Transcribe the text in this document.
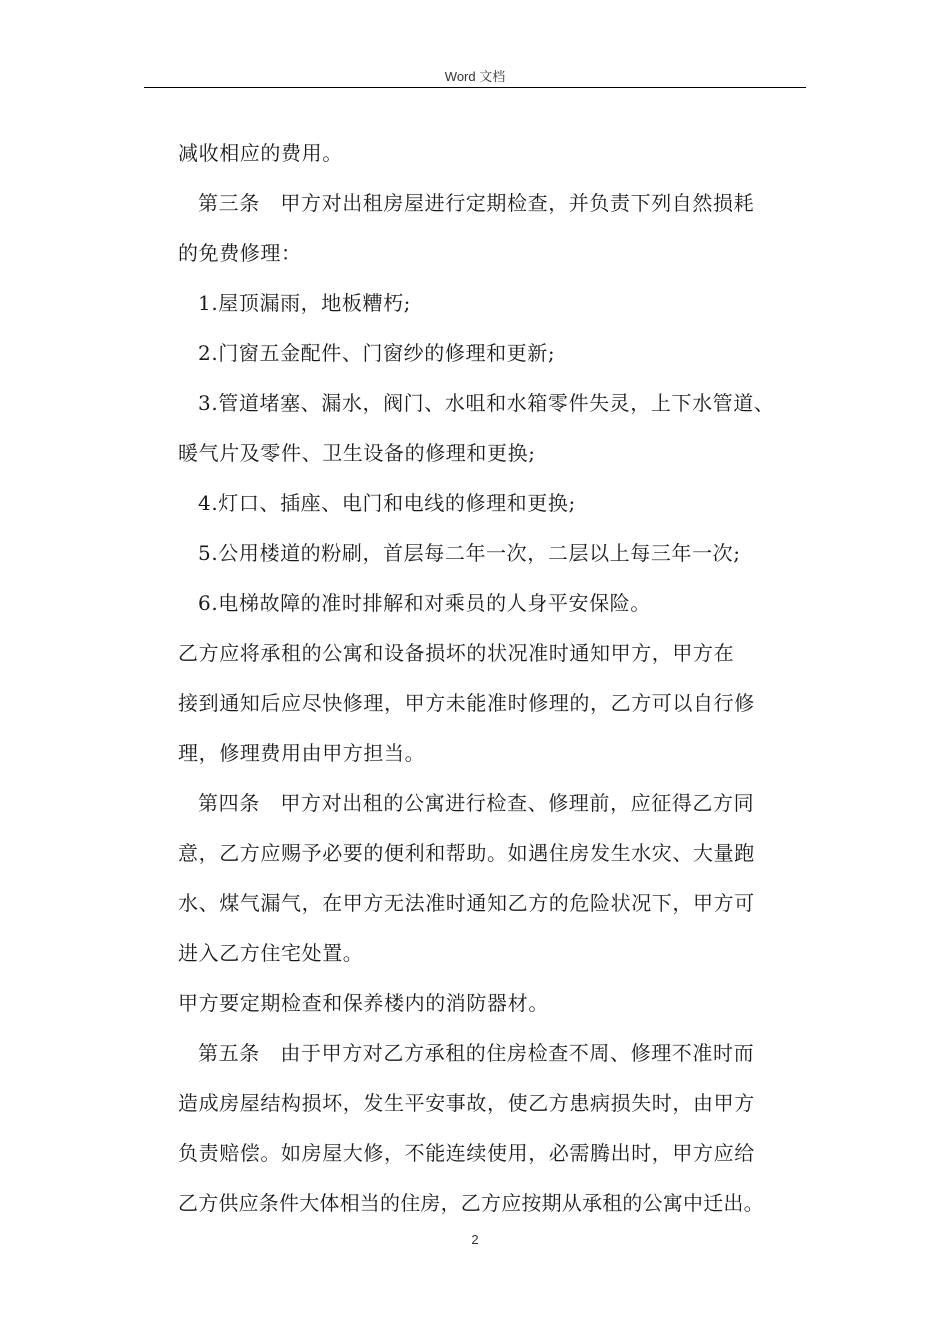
Word 文档

减收相应的费用。

第三条　甲方对出租房屋进行定期检查，并负责下列自然损耗

的免费修理：

1.屋顶漏雨，地板糟朽;

2.门窗五金配件、门窗纱的修理和更新;

3.管道堵塞、漏水，阀门、水咀和水箱零件失灵，上下水管道、

暖气片及零件、卫生设备的修理和更换;

4.灯口、插座、电门和电线的修理和更换;

5.公用楼道的粉刷，首层每二年一次，二层以上每三年一次;

6.电梯故障的准时排解和对乘员的人身平安保险。

乙方应将承租的公寓和设备损坏的状况准时通知甲方，甲方在

接到通知后应尽快修理，甲方未能准时修理的，乙方可以自行修

理，修理费用由甲方担当。

第四条　甲方对出租的公寓进行检查、修理前，应征得乙方同

意，乙方应赐予必要的便利和帮助。如遇住房发生水灾、大量跑

水、煤气漏气，在甲方无法准时通知乙方的危险状况下，甲方可

进入乙方住宅处置。

甲方要定期检查和保养楼内的消防器材。

第五条　由于甲方对乙方承租的住房检查不周、修理不准时而

造成房屋结构损坏，发生平安事故，使乙方患病损失时，由甲方

负责赔偿。如房屋大修，不能连续使用，必需腾出时，甲方应给

乙方供应条件大体相当的住房，乙方应按期从承租的公寓中迁出。

2
